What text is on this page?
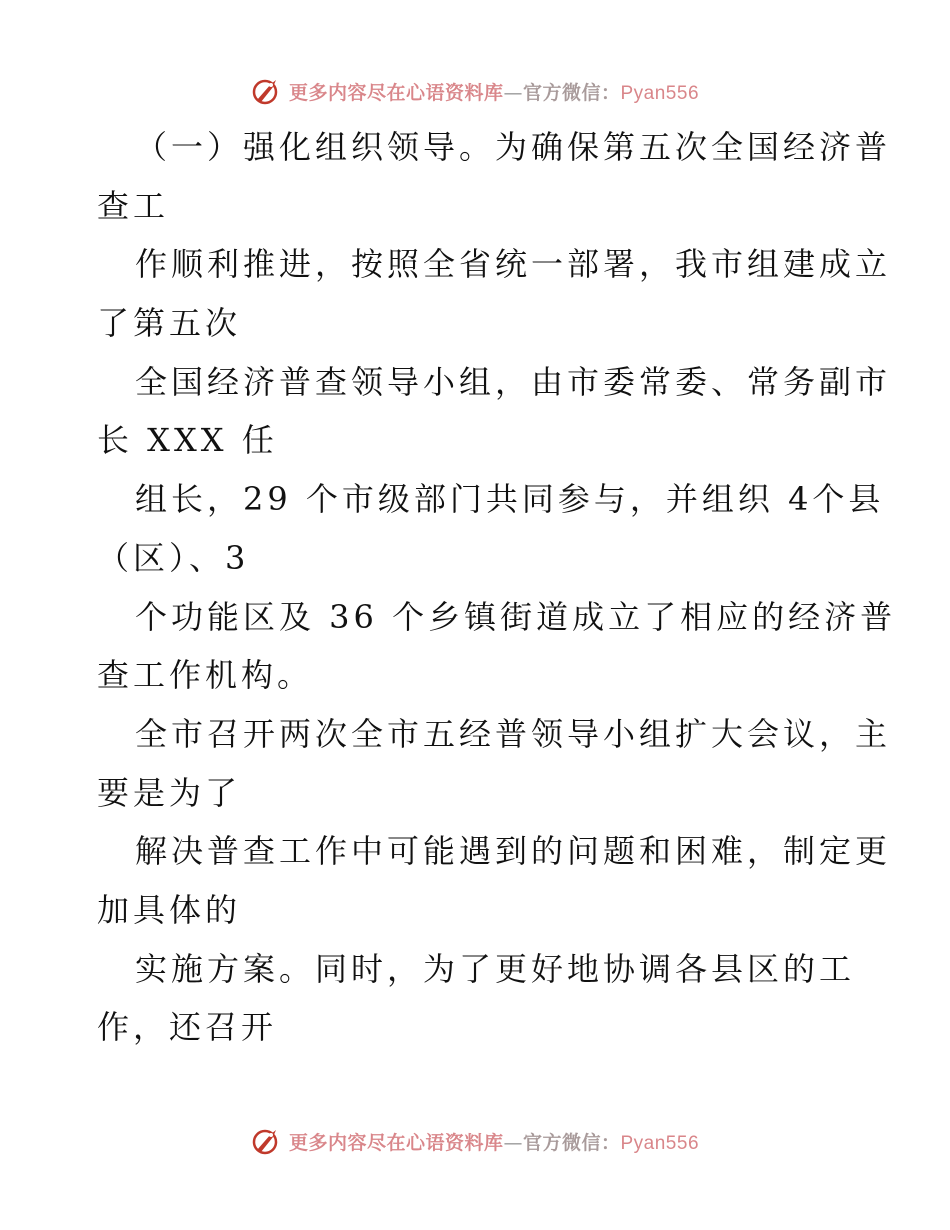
更多内容尽在心语资料库—官方微信：Pyan556
（一）强化组织领导。为确保第五次全国经济普
查工
作顺利推进，按照全省统一部署，我市组建成立
了第五次
全国经济普查领导小组，由市委常委、常务副市
长 XXX 任
组长，29 个市级部门共同参与，并组织 4个县
（区）、3
个功能区及 36 个乡镇街道成立了相应的经济普
查工作机构。
全市召开两次全市五经普领导小组扩大会议，主
要是为了
解决普查工作中可能遇到的问题和困难，制定更
加具体的
实施方案。同时，为了更好地协调各县区的工
作，还召开
更多内容尽在心语资料库—官方微信：Pyan556
